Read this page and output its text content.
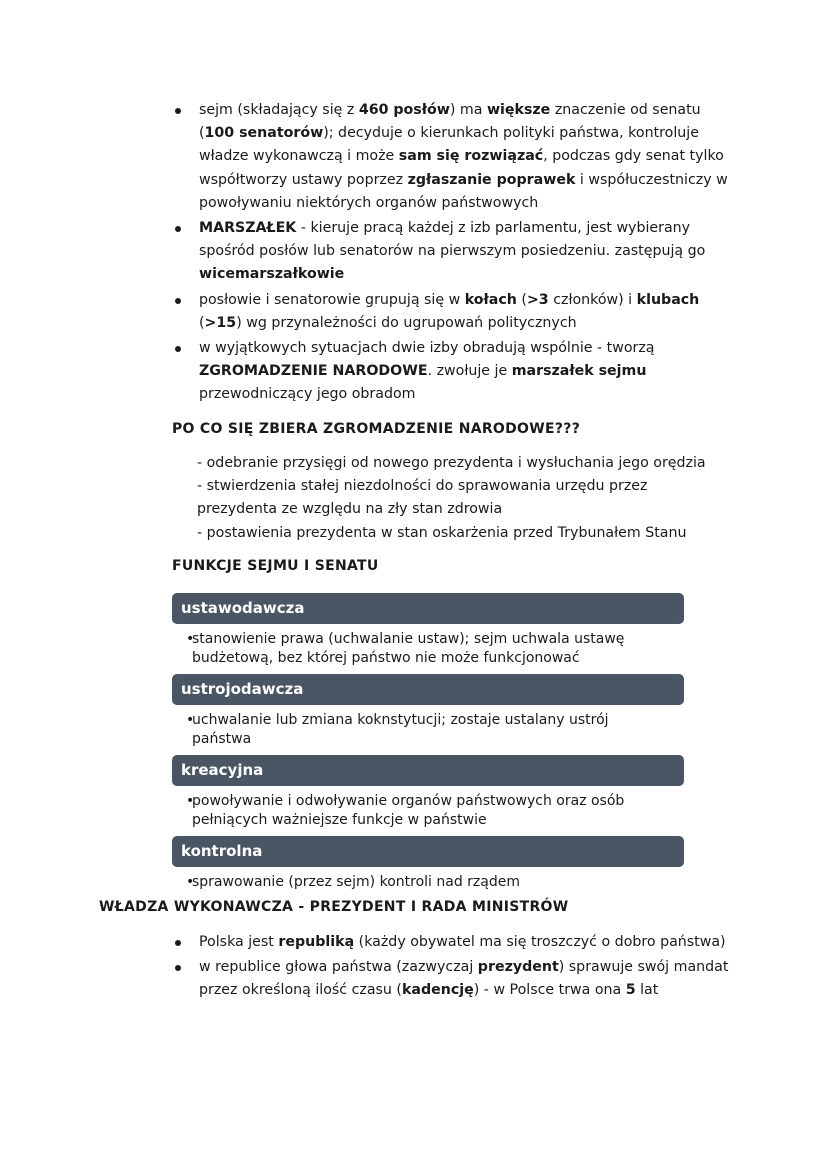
sejm (składający się z 460 posłów) ma większe znaczenie od senatu (100 senatorów); decyduje o kierunkach polityki państwa, kontroluje władze wykonawczą i może sam się rozwiązać, podczas gdy senat tylko współtworzy ustawy poprzez zgłaszanie poprawek i współuczestniczy w powoływaniu niektórych organów państwowych
MARSZAŁEK - kieruje pracą każdej z izb parlamentu, jest wybierany spośród posłów lub senatorów na pierwszym posiedzeniu. zastępują go wicemarszałkowie
posłowie i senatorowie grupują się w kołach (>3 członków) i klubach (>15) wg przynależności do ugrupowań politycznych
w wyjątkowych sytuacjach dwie izby obradują wspólnie - tworzą ZGROMADZENIE NARODOWE. zwołuje je marszałek sejmu przewodniczący jego obradom
PO CO SIĘ ZBIERA ZGROMADZENIE NARODOWE???
- odebranie przysięgi od nowego prezydenta i wysłuchania jego orędzia
- stwierdzenia stałej niezdolności do sprawowania urzędu przez prezydenta ze względu na zły stan zdrowia
- postawienia prezydenta w stan oskarżenia przed Trybunałem Stanu
FUNKCJE SEJMU I SENATU
ustawodawcza
• stanowienie prawa (uchwalanie ustaw); sejm uchwala ustawę budżetową, bez której państwo nie może funkcjonować
ustrojodawcza
• uchwalanie lub zmiana koknstytucji; zostaje ustalany ustrój państwa
kreacyjna
• powoływanie i odwoływanie organów państwowych oraz osób pełniących ważniejsze funkcje w państwie
kontrolna
• sprawowanie (przez sejm) kontroli nad rządem
WŁADZA WYKONAWCZA - PREZYDENT I RADA MINISTRÓW
Polska jest republiką (każdy obywatel ma się troszczyć o dobro państwa)
w republice głowa państwa (zazwyczaj prezydent) sprawuje swój mandat przez określoną ilość czasu (kadencję) - w Polsce trwa ona 5 lat
